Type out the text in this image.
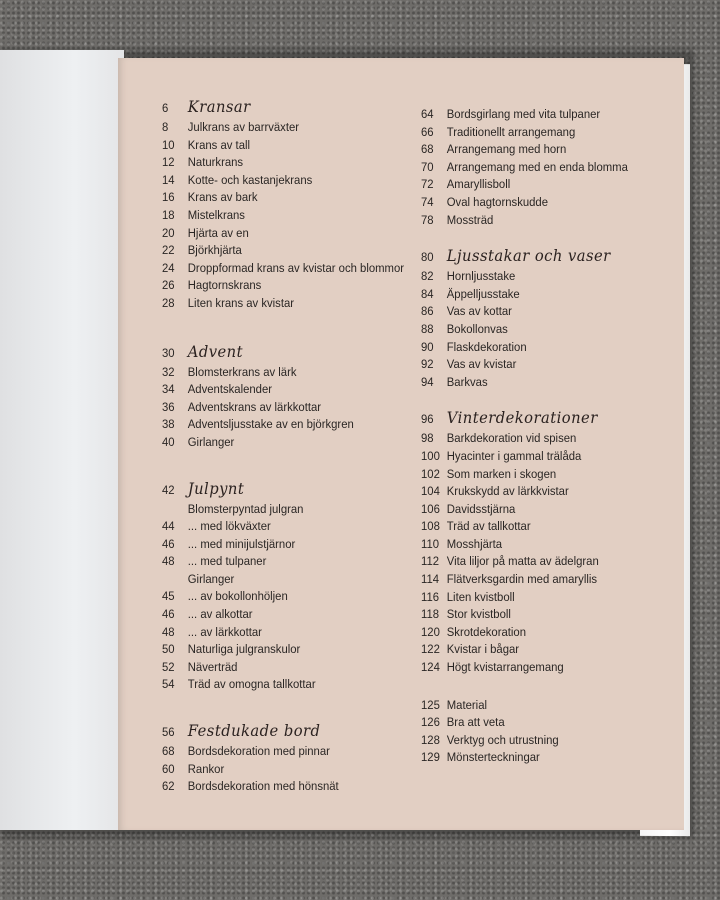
6	Kransar
8	Julkrans av barrväxter
10	Krans av tall
12	Naturkrans
14	Kotte- och kastanjekrans
16	Krans av bark
18	Mistelkrans
20	Hjärta av en
22	Björkhjärta
24	Droppformad krans av kvistar och blommor
26	Hagtornskrans
28	Liten krans av kvistar
30 Advent
32	Blomsterkrans av lärk
34	Adventskalender
36	Adventskrans av lärkkottar
38	Adventsljusstake av en björkgren
40	Girlanger
42 Julpynt
Blomsterpyntad julgran
44	... med lökväxter
46	... med minijulstjärnor
48	... med tulpaner
Girlanger
45	... av bokollonhöljen
46	... av alkottar
48	... av lärkkottar
50	Naturliga julgranskulor
52	Näverträd
54	Träd av omogna tallkottar
56 Festdukade bord
68	Bordsdekoration med pinnar
60	Rankor
62	Bordsdekoration med hönsnät
64	Bordsgirlang med vita tulpaner
66	Traditionellt arrangemang
68	Arrangemang med horn
70	Arrangemang med en enda blomma
72	Amaryllisboll
74	Oval hagtornskudde
78	Mossträd
80 Ljusstakar och vaser
82	Hornljusstake
84	Äppelljusstake
86	Vas av kottar
88	Bokollonvas
90	Flaskdekoration
92	Vas av kvistar
94	Barkvas
96 Vinterdekorationer
98	Barkdekoration vid spisen
100 Hyacinter i gammal trälåda
102 Som marken i skogen
104 Krukskydd av lärkkvistar
106 Davidsstjärna
108 Träd av tallkottar
110 Mosshjärta
112 Vita liljor på matta av ädelgran
114 Flätverksgardin med amaryllis
116 Liten kvistboll
118 Stor kvistboll
120 Skrotdekoration
122 Kvistar i bågar
124 Högt kvistarrangemang
125 Material
126 Bra att veta
128 Verktyg och utrustning
129 Mönsterteckningar
